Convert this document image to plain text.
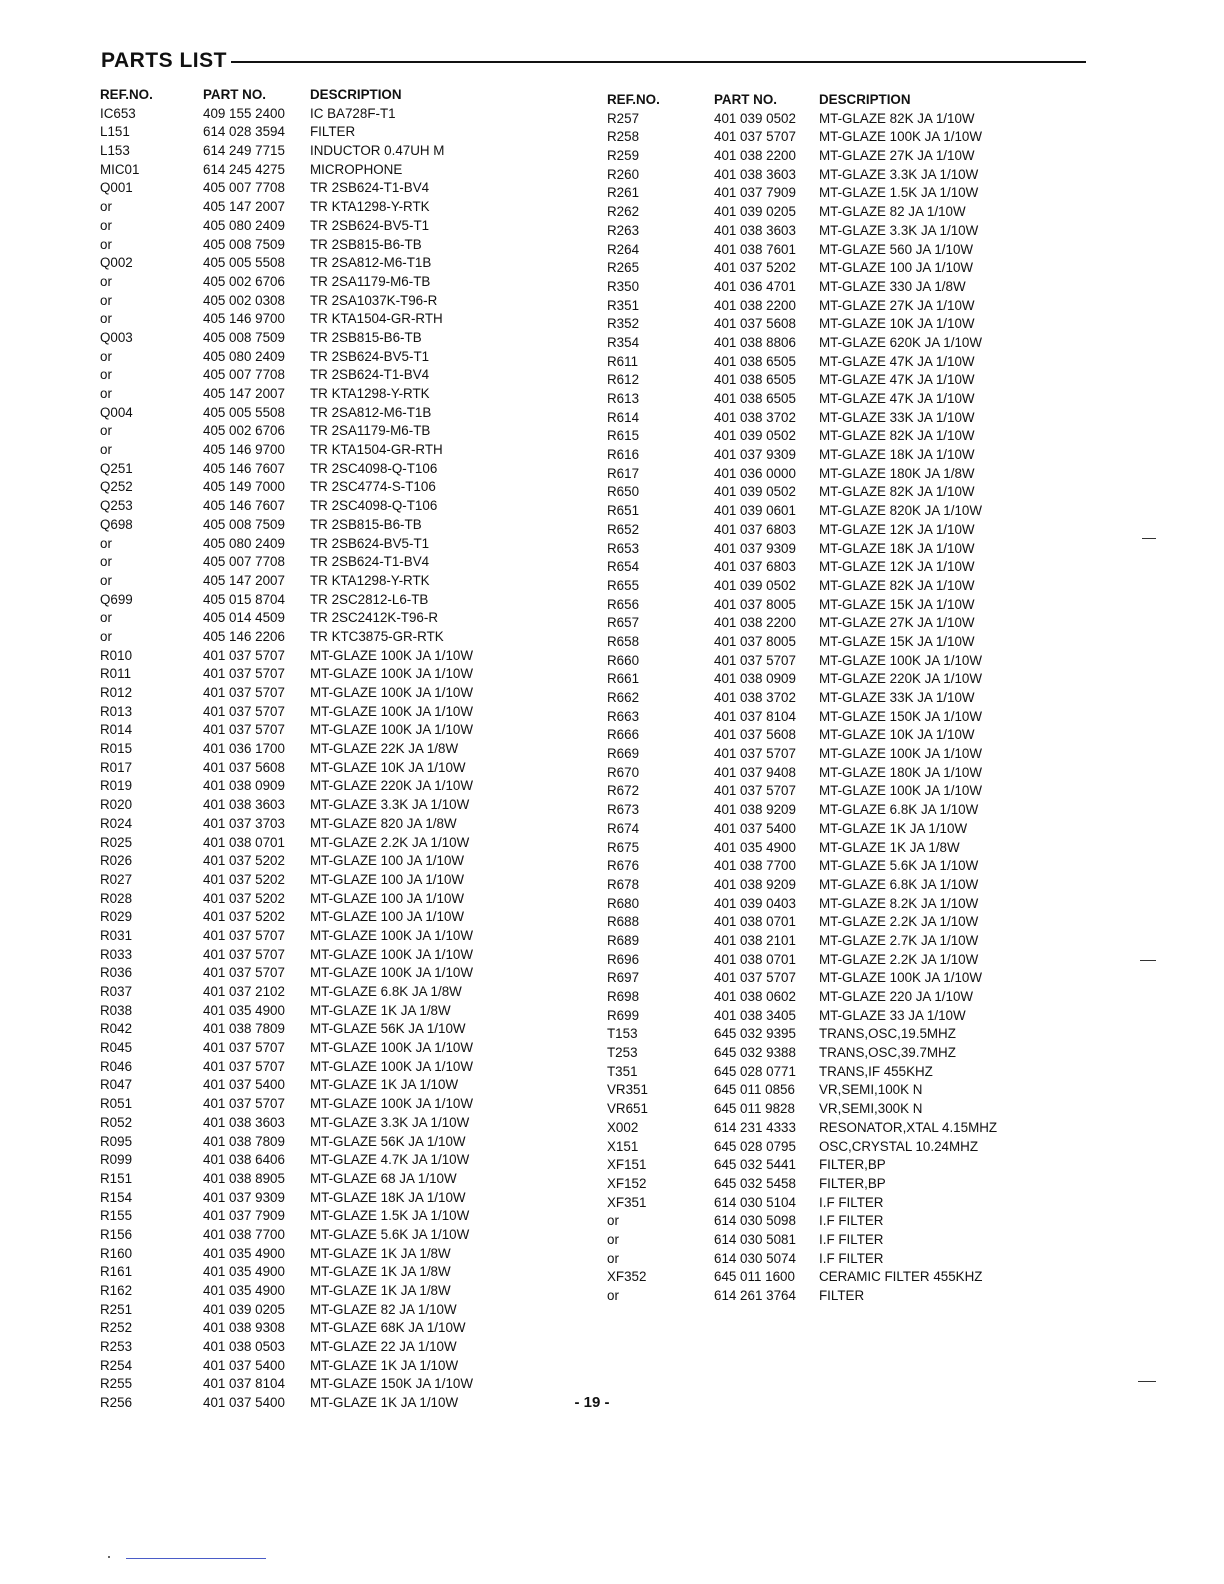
PARTS LIST
REF.NO.	PART NO.	DESCRIPTION
IC653	409 155 2400 IC BA728F-T1
L151	614 028 3594 FILTER
L153	614 249 7715 INDUCTOR 0.47UH M
MIC01	614 245 4275 MICROPHONE
Q001	405 007 7708 TR 2SB624-T1-BV4
or	405 147 2007 TR KTA1298-Y-RTK
or	405 080 2409 TR 2SB624-BV5-T1
or	405 008 7509 TR 2SB815-B6-TB
Q002	405 005 5508 TR 2SA812-M6-T1B
or	405 002 6706 TR 2SA1179-M6-TB
or	405 002 0308 TR 2SA1037K-T96-R
or	405 146 9700 TR KTA1504-GR-RTH
Q003	405 008 7509 TR 2SB815-B6-TB
or	405 080 2409 TR 2SB624-BV5-T1
or	405 007 7708 TR 2SB624-T1-BV4
or	405 147 2007 TR KTA1298-Y-RTK
Q004	405 005 5508 TR 2SA812-M6-T1B
or	405 002 6706 TR 2SA1179-M6-TB
or	405 146 9700 TR KTA1504-GR-RTH
Q251	405 146 7607 TR 2SC4098-Q-T106
Q252	405 149 7000 TR 2SC4774-S-T106
Q253	405 146 7607 TR 2SC4098-Q-T106
Q698	405 008 7509 TR 2SB815-B6-TB
or	405 080 2409 TR 2SB624-BV5-T1
or	405 007 7708 TR 2SB624-T1-BV4
or	405 147 2007 TR KTA1298-Y-RTK
Q699	405 015 8704 TR 2SC2812-L6-TB
or	405 014 4509 TR 2SC2412K-T96-R
or	405 146 2206 TR KTC3875-GR-RTK
R010	401 037 5707 MT-GLAZE 100K JA 1/10W
R011	401 037 5707 MT-GLAZE 100K JA 1/10W
R012	401 037 5707 MT-GLAZE 100K JA 1/10W
R013	401 037 5707 MT-GLAZE 100K JA 1/10W
R014	401 037 5707 MT-GLAZE 100K JA 1/10W
R015	401 036 1700 MT-GLAZE 22K JA 1/8W
R017	401 037 5608 MT-GLAZE 10K JA 1/10W
R019	401 038 0909 MT-GLAZE 220K JA 1/10W
R020	401 038 3603 MT-GLAZE 3.3K JA 1/10W
R024	401 037 3703 MT-GLAZE 820 JA 1/8W
R025	401 038 0701 MT-GLAZE 2.2K JA 1/10W
R026	401 037 5202 MT-GLAZE 100 JA 1/10W
R027	401 037 5202 MT-GLAZE 100 JA 1/10W
R028	401 037 5202 MT-GLAZE 100 JA 1/10W
R029	401 037 5202 MT-GLAZE 100 JA 1/10W
R031	401 037 5707 MT-GLAZE 100K JA 1/10W
R033	401 037 5707 MT-GLAZE 100K JA 1/10W
R036	401 037 5707 MT-GLAZE 100K JA 1/10W
R037	401 037 2102 MT-GLAZE 6.8K JA 1/8W
R038	401 035 4900 MT-GLAZE 1K JA 1/8W
R042	401 038 7809 MT-GLAZE 56K JA 1/10W
R045	401 037 5707 MT-GLAZE 100K JA 1/10W
R046	401 037 5707 MT-GLAZE 100K JA 1/10W
R047	401 037 5400 MT-GLAZE 1K JA 1/10W
R051	401 037 5707 MT-GLAZE 100K JA 1/10W
R052	401 038 3603 MT-GLAZE 3.3K JA 1/10W
R095	401 038 7809 MT-GLAZE 56K JA 1/10W
R099	401 038 6406 MT-GLAZE 4.7K JA 1/10W
R151	401 038 8905 MT-GLAZE 68 JA 1/10W
R154	401 037 9309 MT-GLAZE 18K JA 1/10W
R155	401 037 7909 MT-GLAZE 1.5K JA 1/10W
R156	401 038 7700 MT-GLAZE 5.6K JA 1/10W
R160	401 035 4900 MT-GLAZE 1K JA 1/8W
R161	401 035 4900 MT-GLAZE 1K JA 1/8W
R162	401 035 4900 MT-GLAZE 1K JA 1/8W
R251	401 039 0205 MT-GLAZE 82 JA 1/10W
R252	401 038 9308 MT-GLAZE 68K JA 1/10W
R253	401 038 0503 MT-GLAZE 22 JA 1/10W
R254	401 037 5400 MT-GLAZE 1K JA 1/10W
R255	401 037 8104 MT-GLAZE 150K JA 1/10W
R256	401 037 5400 MT-GLAZE 1K JA 1/10W
REF.NO.	PART NO.	DESCRIPTION
R257	401 039 0502 MT-GLAZE 82K JA 1/10W
R258	401 037 5707 MT-GLAZE 100K JA 1/10W
R259	401 038 2200 MT-GLAZE 27K JA 1/10W
R260	401 038 3603 MT-GLAZE 3.3K JA 1/10W
R261	401 037 7909 MT-GLAZE 1.5K JA 1/10W
R262	401 039 0205 MT-GLAZE 82 JA 1/10W
R263	401 038 3603 MT-GLAZE 3.3K JA 1/10W
R264	401 038 7601 MT-GLAZE 560 JA 1/10W
R265	401 037 5202 MT-GLAZE 100 JA 1/10W
R350	401 036 4701 MT-GLAZE 330 JA 1/8W
R351	401 038 2200 MT-GLAZE 27K JA 1/10W
R352	401 037 5608 MT-GLAZE 10K JA 1/10W
R354	401 038 8806 MT-GLAZE 620K JA 1/10W
R611	401 038 6505 MT-GLAZE 47K JA 1/10W
R612	401 038 6505 MT-GLAZE 47K JA 1/10W
R613	401 038 6505 MT-GLAZE 47K JA 1/10W
R614	401 038 3702 MT-GLAZE 33K JA 1/10W
R615	401 039 0502 MT-GLAZE 82K JA 1/10W
R616	401 037 9309 MT-GLAZE 18K JA 1/10W
R617	401 036 0000 MT-GLAZE 180K JA 1/8W
R650	401 039 0502 MT-GLAZE 82K JA 1/10W
R651	401 039 0601 MT-GLAZE 820K JA 1/10W
R652	401 037 6803 MT-GLAZE 12K JA 1/10W
R653	401 037 9309 MT-GLAZE 18K JA 1/10W
R654	401 037 6803 MT-GLAZE 12K JA 1/10W
R655	401 039 0502 MT-GLAZE 82K JA 1/10W
R656	401 037 8005 MT-GLAZE 15K JA 1/10W
R657	401 038 2200 MT-GLAZE 27K JA 1/10W
R658	401 037 8005 MT-GLAZE 15K JA 1/10W
R660	401 037 5707 MT-GLAZE 100K JA 1/10W
R661	401 038 0909 MT-GLAZE 220K JA 1/10W
R662	401 038 3702 MT-GLAZE 33K JA 1/10W
R663	401 037 8104 MT-GLAZE 150K JA 1/10W
R666	401 037 5608 MT-GLAZE 10K JA 1/10W
R669	401 037 5707 MT-GLAZE 100K JA 1/10W
R670	401 037 9408 MT-GLAZE 180K JA 1/10W
R672	401 037 5707 MT-GLAZE 100K JA 1/10W
R673	401 038 9209 MT-GLAZE 6.8K JA 1/10W
R674	401 037 5400 MT-GLAZE 1K JA 1/10W
R675	401 035 4900 MT-GLAZE 1K JA 1/8W
R676	401 038 7700 MT-GLAZE 5.6K JA 1/10W
R678	401 038 9209 MT-GLAZE 6.8K JA 1/10W
R680	401 039 0403 MT-GLAZE 8.2K JA 1/10W
R688	401 038 0701 MT-GLAZE 2.2K JA 1/10W
R689	401 038 2101 MT-GLAZE 2.7K JA 1/10W
R696	401 038 0701 MT-GLAZE 2.2K JA 1/10W
R697	401 037 5707 MT-GLAZE 100K JA 1/10W
R698	401 038 0602 MT-GLAZE 220 JA 1/10W
R699	401 038 3405 MT-GLAZE 33 JA 1/10W
T153	645 032 9395 TRANS,OSC,19.5MHZ
T253	645 032 9388 TRANS,OSC,39.7MHZ
T351	645 028 0771 TRANS,IF 455KHZ
VR351	645 011 0856 VR,SEMI,100K N
VR651	645 011 9828 VR,SEMI,300K N
X002	614 231 4333 RESONATOR,XTAL 4.15MHZ
X151	645 028 0795 OSC,CRYSTAL 10.24MHZ
XF151	645 032 5441 FILTER,BP
XF152	645 032 5458 FILTER,BP
XF351	614 030 5104 I.F FILTER
or	614 030 5098 I.F FILTER
or	614 030 5081 I.F FILTER
or	614 030 5074 I.F FILTER
XF352	645 011 1600 CERAMIC FILTER 455KHZ
or	614 261 3764 FILTER
- 19 -
